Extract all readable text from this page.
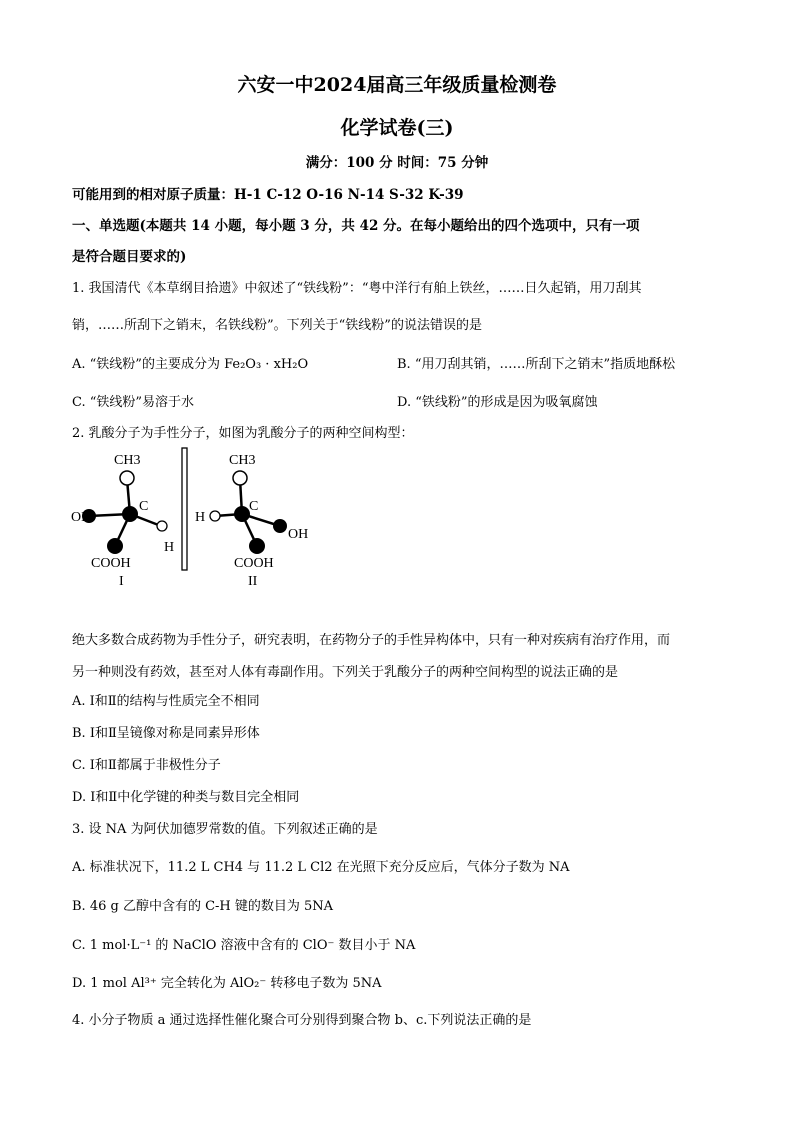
六安一中2024届高三年级质量检测卷
化学试卷(三)
满分：100 分 时间：75 分钟
可能用到的相对原子质量：H-1 C-12 O-16 N-14 S-32 K-39
一、单选题(本题共 14 小题，每小题 3 分，共 42 分。在每小题给出的四个选项中，只有一项
是符合题目要求的)
1. 我国清代《本草纲目拾遗》中叙述了“铁线粉”：“粤中洋行有舶上铁丝，……日久起销，用刀刮其
销，……所刮下之销末，名铁线粉”。下列关于“铁线粉”的说法错误的是
A. “铁线粉”的主要成分为 Fe₂O₃ · xH₂O	B. “用刀刮其销，……所刮下之销末”指质地酥松
C. “铁线粉”易溶于水	D. “铁线粉”的形成是因为吸氧腐蚀
2. 乳酸分子为手性分子，如图为乳酸分子的两种空间构型：
CH3
C
OH
H
COOH
I
CH3
C
H
OH
COOH
II
绝大多数合成药物为手性分子，研究表明，在药物分子的手性异构体中，只有一种对疾病有治疗作用，而
另一种则没有药效，甚至对人体有毒副作用。下列关于乳酸分子的两种空间构型的说法正确的是
A. Ⅰ和Ⅱ的结构与性质完全不相同
B. Ⅰ和Ⅱ呈镜像对称是同素异形体
C. Ⅰ和Ⅱ都属于非极性分子
D. Ⅰ和Ⅱ中化学键的种类与数目完全相同
3. 设 NA 为阿伏加德罗常数的值。下列叙述正确的是
A. 标准状况下，11.2 L CH4 与 11.2 L Cl2 在光照下充分反应后，气体分子数为 NA
B. 46 g 乙醇中含有的 C-H 键的数目为 5NA
C. 1 mol·L⁻¹ 的 NaClO 溶液中含有的 ClO⁻ 数目小于 NA
D. 1 mol Al³⁺ 完全转化为 AlO₂⁻ 转移电子数为 5NA
4. 小分子物质 a 通过选择性催化聚合可分别得到聚合物 b、c.下列说法正确的是
